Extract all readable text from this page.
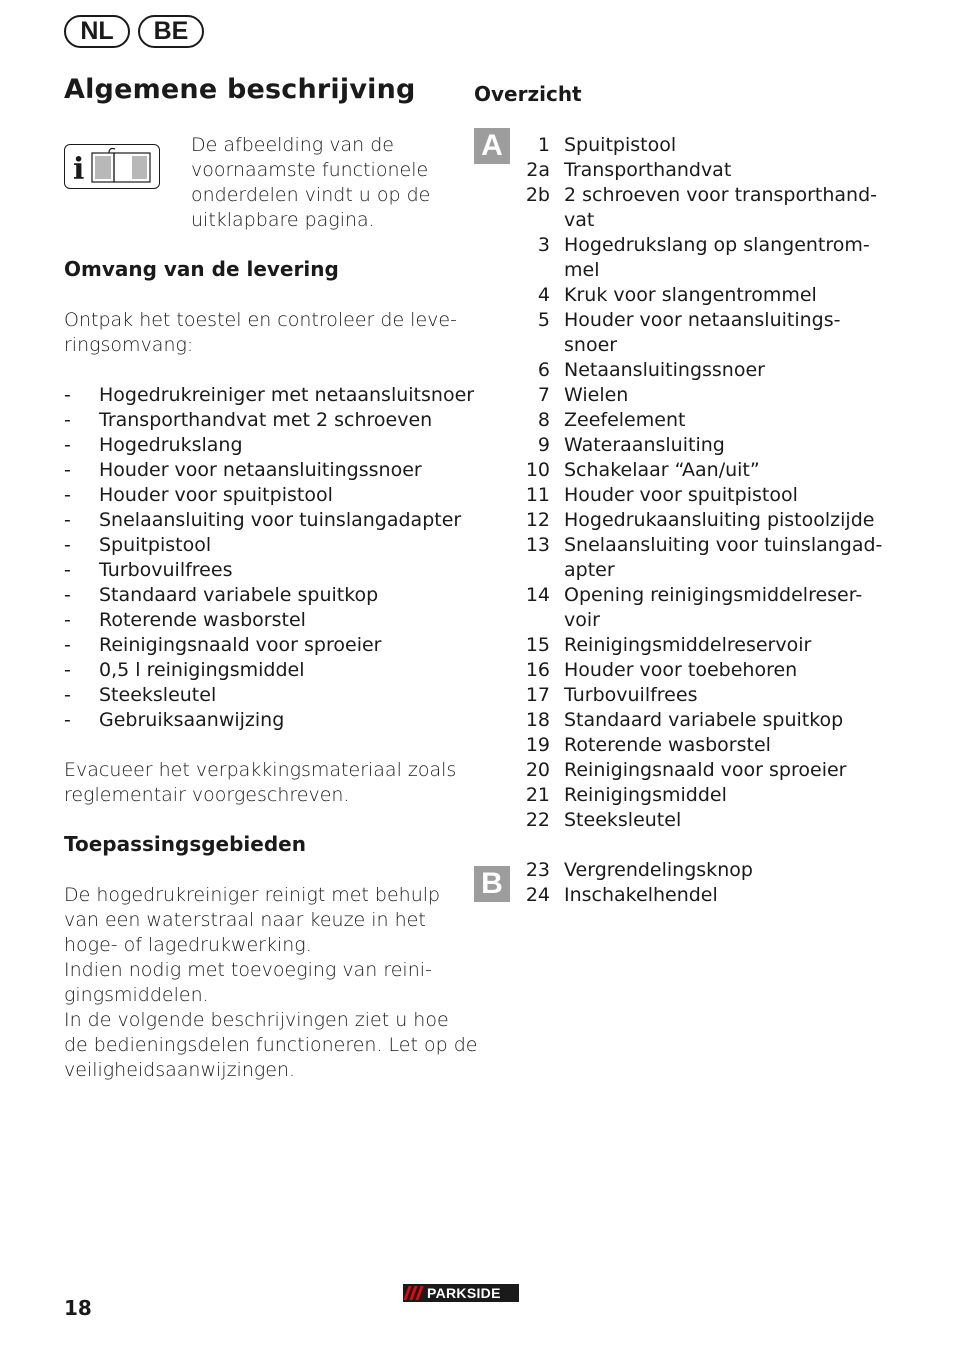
NL	BE
Algemene beschrijving
i
De afbeelding van de
voornaamste functionele
onderdelen vindt u op de
uitklapbare pagina.
Omvang van de levering
Ontpak het toestel en controleer de leve-
ringsomvang:
- Hogedrukreiniger met netaansluitsnoer
- Transporthandvat met 2 schroeven
- Hogedrukslang
- Houder voor netaansluitingssnoer
- Houder voor spuitpistool
- Snelaansluiting voor tuinslangadapter
- Spuitpistool
- Turbovuilfrees
- Standaard variabele spuitkop
- Roterende wasborstel
- Reinigingsnaald voor sproeier
- 0,5 l reinigingsmiddel
- Steeksleutel
- Gebruiksaanwijzing
Evacueer het verpakkingsmateriaal zoals
reglementair voorgeschreven.
Toepassingsgebieden
De hogedrukreiniger reinigt met behulp
van een waterstraal naar keuze in het
hoge- of lagedrukwerking.
Indien nodig met toevoeging van reini-
gingsmiddelen.
In de volgende beschrijvingen ziet u hoe
de bedieningsdelen functioneren. Let op de
veiligheidsaanwijzingen.
Overzicht
A	1 Spuitpistool
2a Transporthandvat
2b 2 schroeven voor transporthand-
vat
3 Hogedrukslang op slangentrom-
mel
4 Kruk voor slangentrommel
5 Houder voor netaansluitings-
snoer
6 Netaansluitingssnoer
7 Wielen
8 Zeefelement
9 Wateraansluiting
10 Schakelaar “Aan/uit”
11 Houder voor spuitpistool
12 Hogedrukaansluiting pistoolzijde
13 Snelaansluiting voor tuinslangad-
apter
14 Opening reinigingsmiddelreser-
voir
15 Reinigingsmiddelreservoir
16 Houder voor toebehoren
17 Turbovuilfrees
18 Standaard variabele spuitkop
19 Roterende wasborstel
20 Reinigingsnaald voor sproeier
21 Reinigingsmiddel
22 Steeksleutel
B	23 Vergrendelingsknop
24 Inschakelhendel
18
PARKSIDE
